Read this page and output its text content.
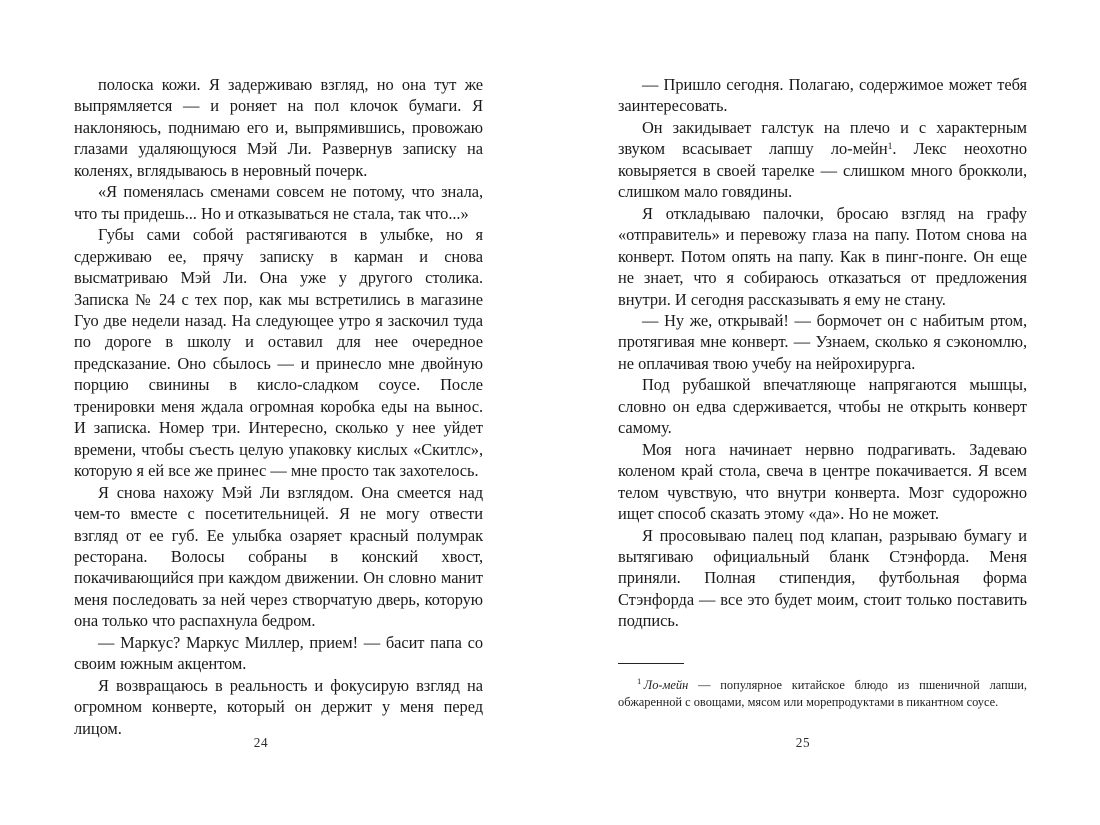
полоска кожи. Я задерживаю взгляд, но она тут же выпрямляется — и роняет на пол клочок бумаги. Я наклоняюсь, поднимаю его и, выпрямившись, провожаю глазами удаляющуюся Мэй Ли. Развернув записку на коленях, вглядываюсь в неровный почерк.

«Я поменялась сменами совсем не потому, что знала, что ты придешь... Но и отказываться не стала, так что...»

Губы сами собой растягиваются в улыбке, но я сдерживаю ее, прячу записку в карман и снова высматриваю Мэй Ли. Она уже у другого столика. Записка № 24 с тех пор, как мы встретились в магазине Гуо две недели назад. На следующее утро я заскочил туда по дороге в школу и оставил для нее очередное предсказание. Оно сбылось — и принесло мне двойную порцию свинины в кисло-сладком соусе. После тренировки меня ждала огромная коробка еды на вынос. И записка. Номер три. Интересно, сколько у нее уйдет времени, чтобы съесть целую упаковку кислых «Скитлс», которую я ей все же принес — мне просто так захотелось.

Я снова нахожу Мэй Ли взглядом. Она смеется над чем-то вместе с посетительницей. Я не могу отвести взгляд от ее губ. Ее улыбка озаряет красный полумрак ресторана. Волосы собраны в конский хвост, покачивающийся при каждом движении. Он словно манит меня последовать за ней через створчатую дверь, которую она только что распахнула бедром.

— Маркус? Маркус Миллер, прием! — басит папа со своим южным акцентом.

Я возвращаюсь в реальность и фокусирую взгляд на огромном конверте, который он держит у меня перед лицом.

24

— Пришло сегодня. Полагаю, содержимое может тебя заинтересовать.

Он закидывает галстук на плечо и с характерным звуком всасывает лапшу ло-мейн$^1$. Лекс неохотно ковыряется в своей тарелке — слишком много брокколи, слишком мало говядины.

Я откладываю палочки, бросаю взгляд на графу «отправитель» и перевожу глаза на папу. Потом снова на конверт. Потом опять на папу. Как в пинг-понге. Он еще не знает, что я собираюсь отказаться от предложения внутри. И сегодня рассказывать я ему не стану.

— Ну же, открывай! — бормочет он с набитым ртом, протягивая мне конверт. — Узнаем, сколько я сэкономлю, не оплачивая твою учебу на нейрохирурга.

Под рубашкой впечатляюще напрягаются мышцы, словно он едва сдерживается, чтобы не открыть конверт самому.

Моя нога начинает нервно подрагивать. Задеваю коленом край стола, свеча в центре покачивается. Я всем телом чувствую, что внутри конверта. Мозг судорожно ищет способ сказать этому «да». Но не может.

Я просовываю палец под клапан, разрываю бумагу и вытягиваю официальный бланк Стэнфорда. Меня приняли. Полная стипендия, футбольная форма Стэнфорда — все это будет моим, стоит только поставить подпись.

$^1$ Ло-мейн — популярное китайское блюдо из пшеничной лапши, обжаренной с овощами, мясом или морепродуктами в пикантном соусе.

25
